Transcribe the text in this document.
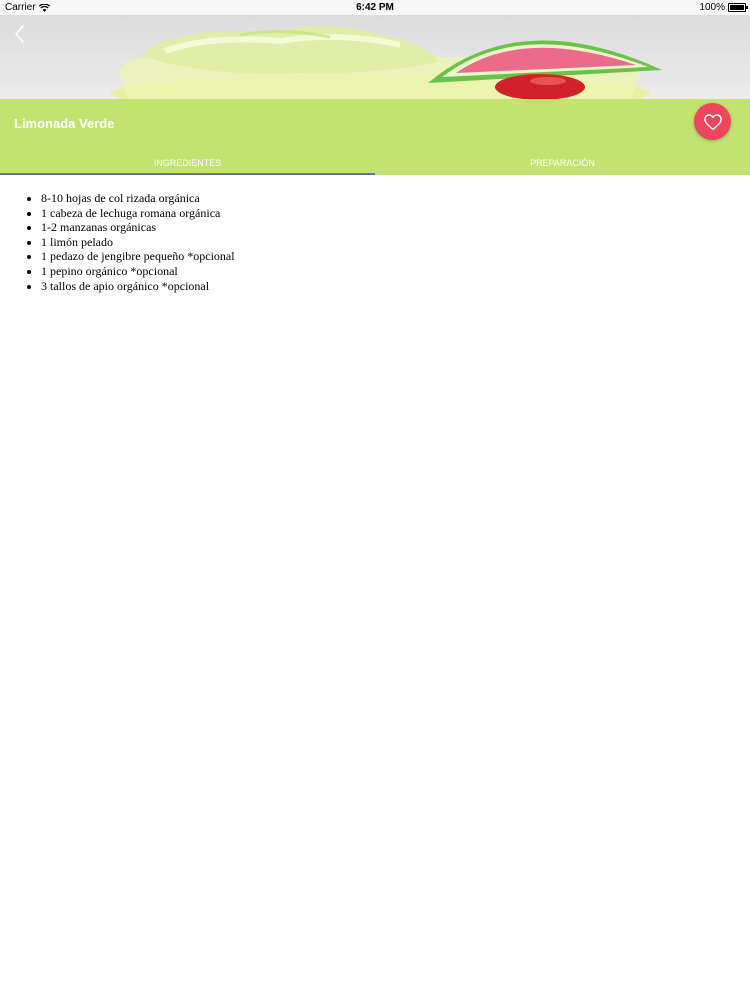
Carrier	6:42 PM	100%
Limonada Verde
INGREDIENTES	PREPARACIÓN
• 8-10 hojas de col rizada orgánica
• 1 cabeza de lechuga romana orgánica
• 1-2 manzanas orgánicas
• 1 limón pelado
• 1 pedazo de jengibre pequeño *opcional
• 1 pepino orgánico *opcional
• 3 tallos de apio orgánico *opcional
